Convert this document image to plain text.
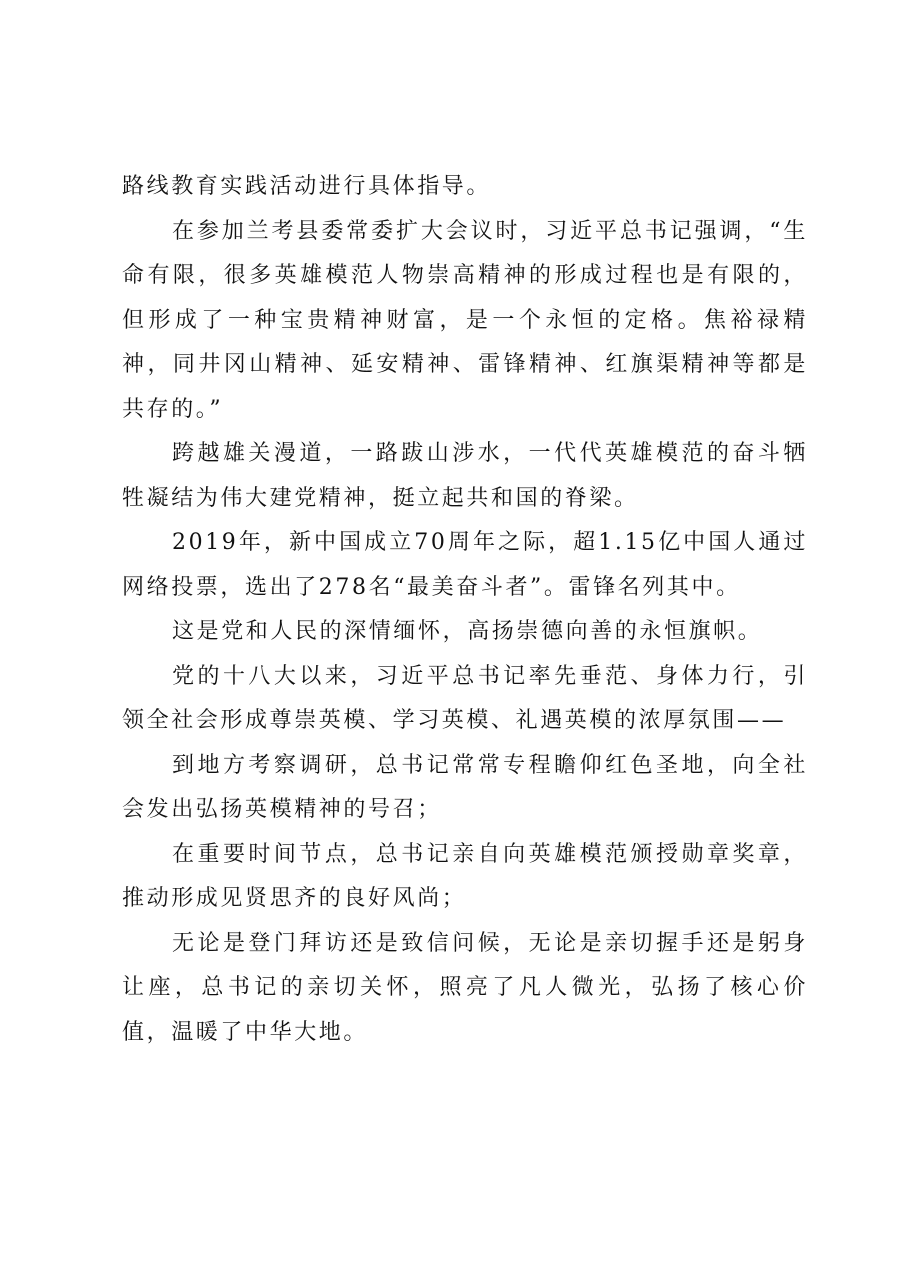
路线教育实践活动进行具体指导。

在参加兰考县委常委扩大会议时，习近平总书记强调，“生命有限，很多英雄模范人物崇高精神的形成过程也是有限的，但形成了一种宝贵精神财富，是一个永恒的定格。焦裕禄精神，同井冈山精神、延安精神、雷锋精神、红旗渠精神等都是共存的。”

跨越雄关漫道，一路跋山涉水，一代代英雄模范的奋斗牺牲凝结为伟大建党精神，挺立起共和国的脊梁。

2019年，新中国成立70周年之际，超1.15亿中国人通过网络投票，选出了278名“最美奋斗者”。雷锋名列其中。

这是党和人民的深情缅怀，高扬崇德向善的永恒旗帜。

党的十八大以来，习近平总书记率先垂范、身体力行，引领全社会形成尊崇英模、学习英模、礼遇英模的浓厚氛围——

到地方考察调研，总书记常常专程瞻仰红色圣地，向全社会发出弘扬英模精神的号召；

在重要时间节点，总书记亲自向英雄模范颁授勋章奖章，推动形成见贤思齐的良好风尚；

无论是登门拜访还是致信问候，无论是亲切握手还是躬身让座，总书记的亲切关怀，照亮了凡人微光，弘扬了核心价值，温暖了中华大地。
